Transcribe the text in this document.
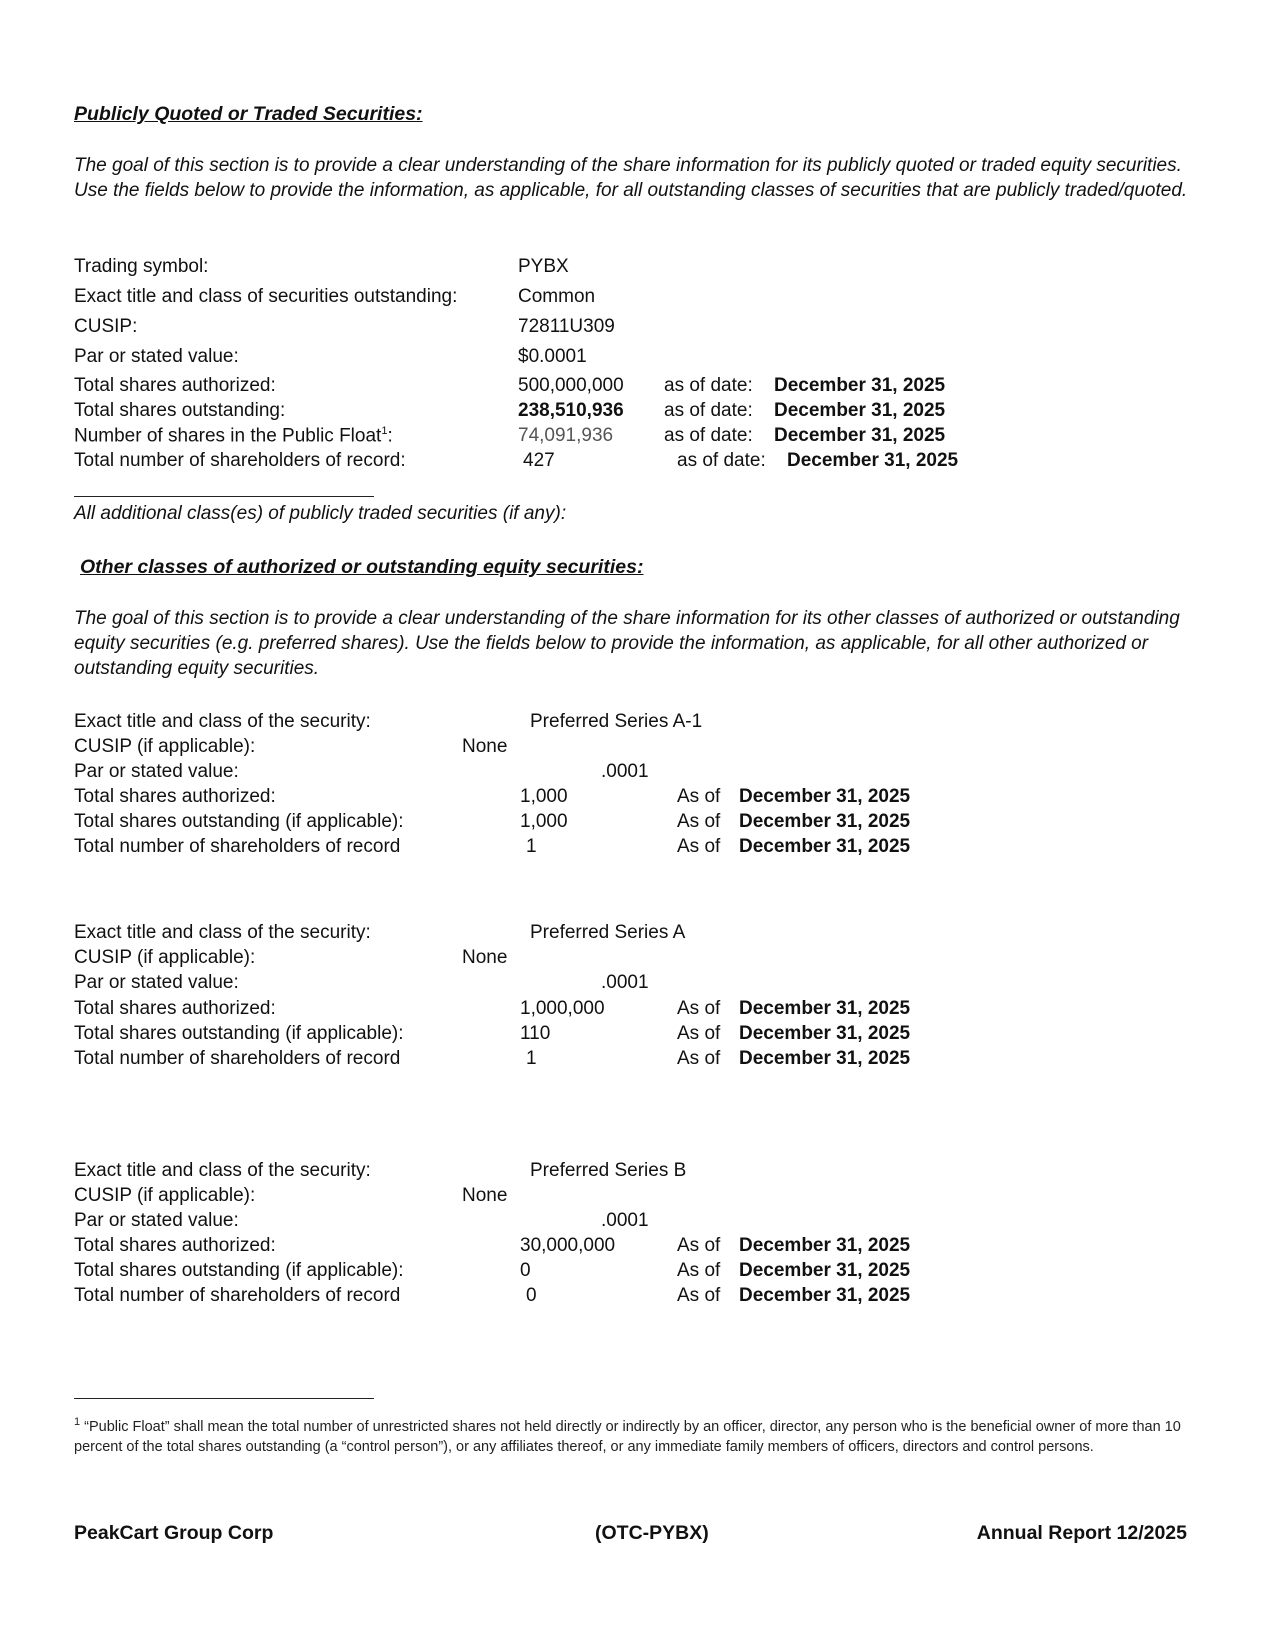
Publicly Quoted or Traded Securities:
The goal of this section is to provide a clear understanding of the share information for its publicly quoted or traded equity securities. Use the fields below to provide the information, as applicable, for all outstanding classes of securities that are publicly traded/quoted.
Trading symbol:	PYBX
Exact title and class of securities outstanding:	Common
CUSIP:	72811U309
Par or stated value:	$0.0001
Total shares authorized:	500,000,000 as of date: December 31, 2025
Total shares outstanding:	238,510,936 as of date: December 31, 2025
Number of shares in the Public Float$^1$:	74,091,936	as of date: December 31, 2025
Total number of shareholders of record:	427	as of date: December 31, 2025
All additional class(es) of publicly traded securities (if any):
Other classes of authorized or outstanding equity securities:
The goal of this section is to provide a clear understanding of the share information for its other classes of authorized or outstanding equity securities (e.g. preferred shares). Use the fields below to provide the information, as applicable, for all other authorized or outstanding equity securities.
Exact title and class of the security:	Preferred Series A-1
CUSIP (if applicable):	None
Par or stated value:	.0001
Total shares authorized:	1,000	As of December 31, 2025
Total shares outstanding (if applicable):	1,000	As of December 31, 2025
Total number of shareholders of record	1	As of December 31, 2025
Exact title and class of the security:	Preferred Series A
CUSIP (if applicable):	None
Par or stated value:	.0001
Total shares authorized:	1,000,000	As of December 31, 2025
Total shares outstanding (if applicable):	110	As of December 31, 2025
Total number of shareholders of record	1	As of December 31, 2025
Exact title and class of the security:	Preferred Series B
CUSIP (if applicable):	None
Par or stated value:	.0001
Total shares authorized:	30,000,000	As of December 31, 2025
Total shares outstanding (if applicable):	0	As of December 31, 2025
Total number of shareholders of record	0	As of December 31, 2025
$^1$ “Public Float” shall mean the total number of unrestricted shares not held directly or indirectly by an officer, director, any person who is the beneficial owner of more than 10 percent of the total shares outstanding (a “control person”), or any affiliates thereof, or any immediate family members of officers, directors and control persons.
PeakCart Group Corp	(OTC-PYBX)	Annual Report 12/2025
